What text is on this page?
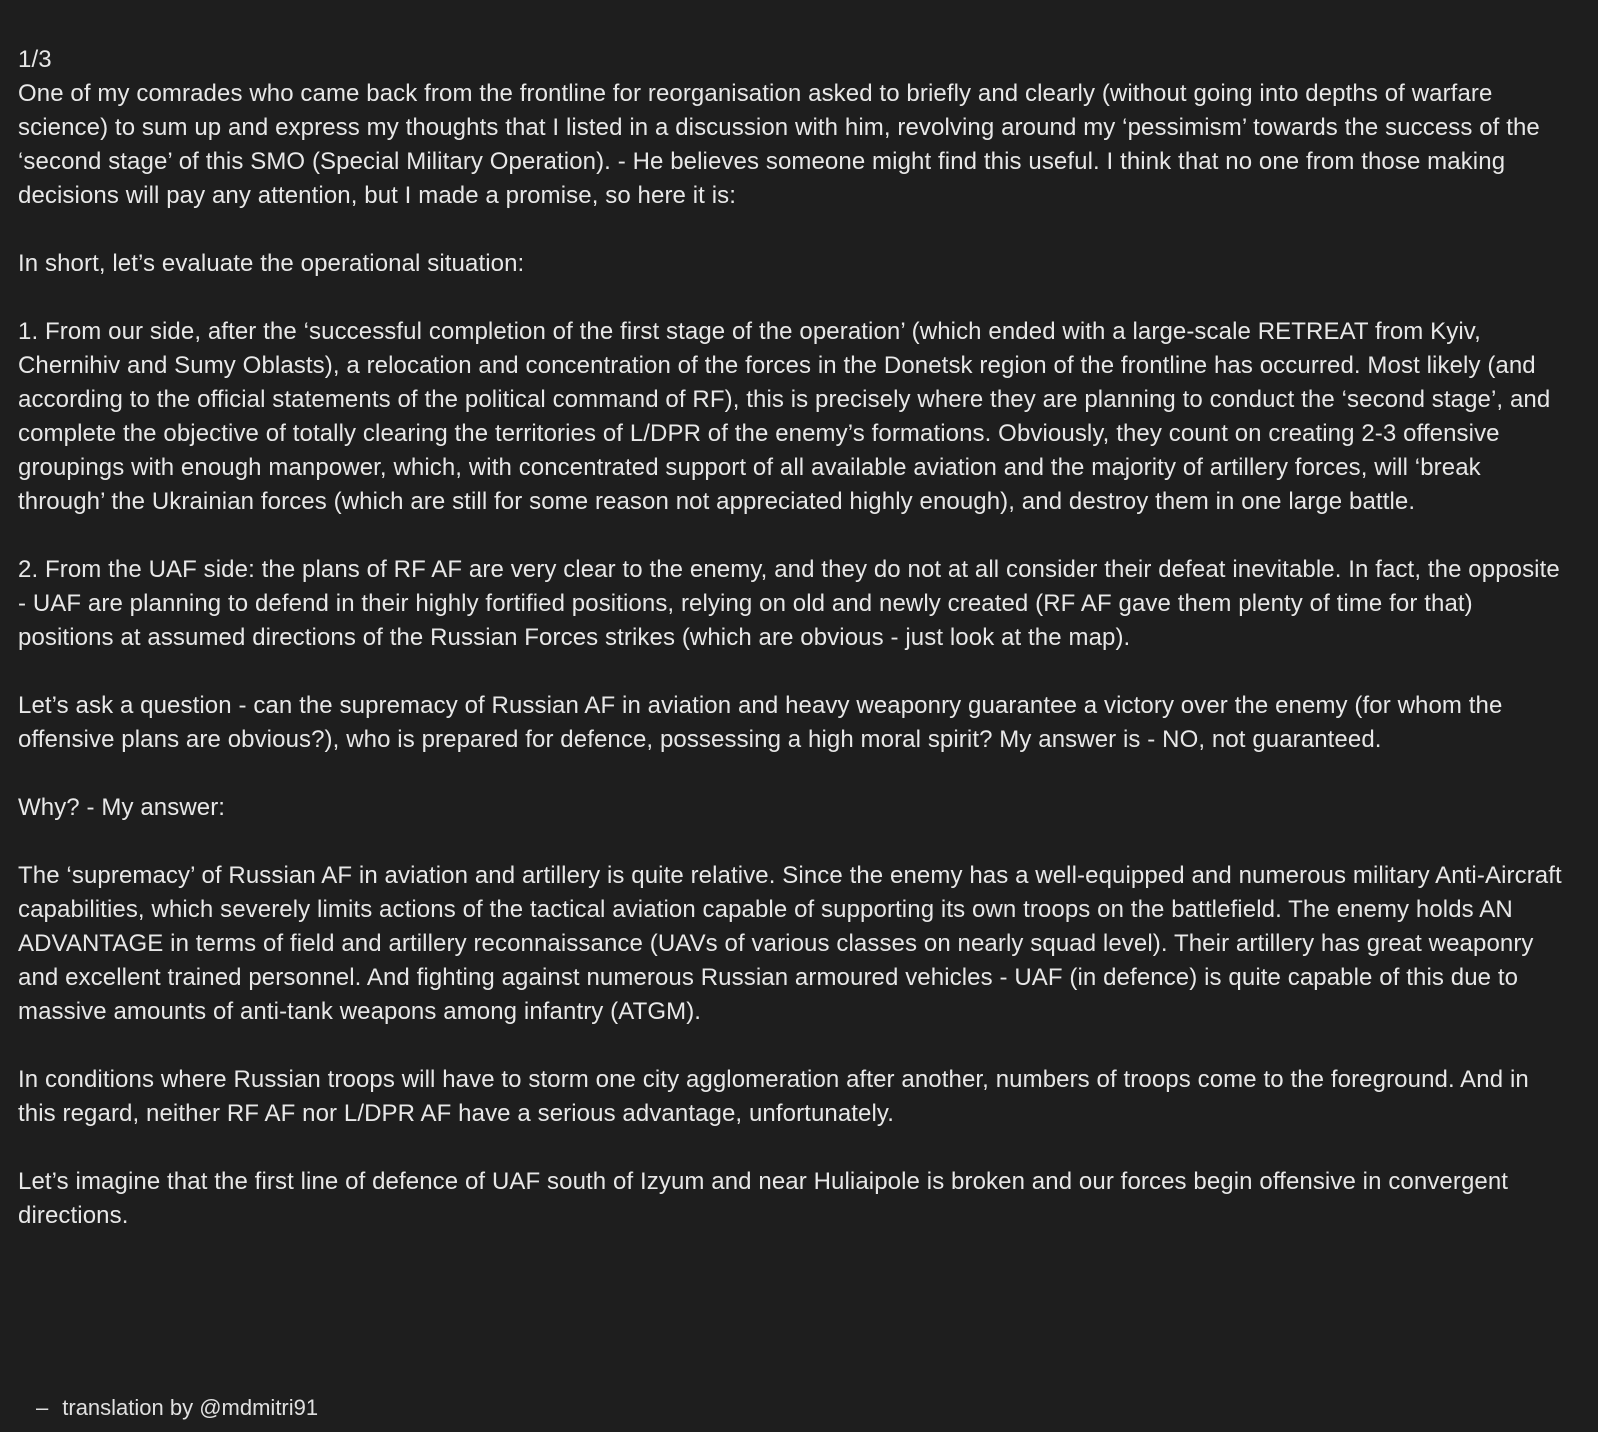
1/3
One of my comrades who came back from the frontline for reorganisation asked to briefly and clearly (without going into depths of warfare science) to sum up and express my thoughts that I listed in a discussion with him, revolving around my ‘pessimism’ towards the success of the ‘second stage’ of this SMO (Special Military Operation). - He believes someone might find this useful. I think that no one from those making decisions will pay any attention, but I made a promise, so here it is:

In short, let’s evaluate the operational situation:

1. From our side, after the ‘successful completion of the first stage of the operation’ (which ended with a large-scale RETREAT from Kyiv, Chernihiv and Sumy Oblasts), a relocation and concentration of the forces in the Donetsk region of the frontline has occurred. Most likely (and according to the official statements of the political command of RF), this is precisely where they are planning to conduct the ‘second stage’, and complete the objective of totally clearing the territories of L/DPR of the enemy’s formations. Obviously, they count on creating 2-3 offensive groupings with enough manpower, which, with concentrated support of all available aviation and the majority of artillery forces, will ‘break through’ the Ukrainian forces (which are still for some reason not appreciated highly enough), and destroy them in one large battle.

2. From the UAF side: the plans of RF AF are very clear to the enemy, and they do not at all consider their defeat inevitable. In fact, the opposite - UAF are planning to defend in their highly fortified positions, relying on old and newly created (RF AF gave them plenty of time for that) positions at assumed directions of the Russian Forces strikes (which are obvious - just look at the map).

Let’s ask a question - can the supremacy of Russian AF in aviation and heavy weaponry guarantee a victory over the enemy (for whom the offensive plans are obvious?), who is prepared for defence, possessing a high moral spirit? My answer is - NO, not guaranteed.

Why? - My answer:

The ‘supremacy’ of Russian AF in aviation and artillery is quite relative. Since the enemy has a well-equipped and numerous military Anti-Aircraft capabilities, which severely limits actions of the tactical aviation capable of supporting its own troops on the battlefield. The enemy holds AN ADVANTAGE in terms of field and artillery reconnaissance (UAVs of various classes on nearly squad level). Their artillery has great weaponry and excellent trained personnel. And fighting against numerous Russian armoured vehicles - UAF (in defence) is quite capable of this due to massive amounts of anti-tank weapons among infantry (ATGM).

In conditions where Russian troops will have to storm one city agglomeration after another, numbers of troops come to the foreground. And in this regard, neither RF AF nor L/DPR AF have a serious advantage, unfortunately.

Let’s imagine that the first line of defence of UAF south of Izyum and near Huliaipole is broken and our forces begin offensive in convergent directions.

– translation by @mdmitri91
